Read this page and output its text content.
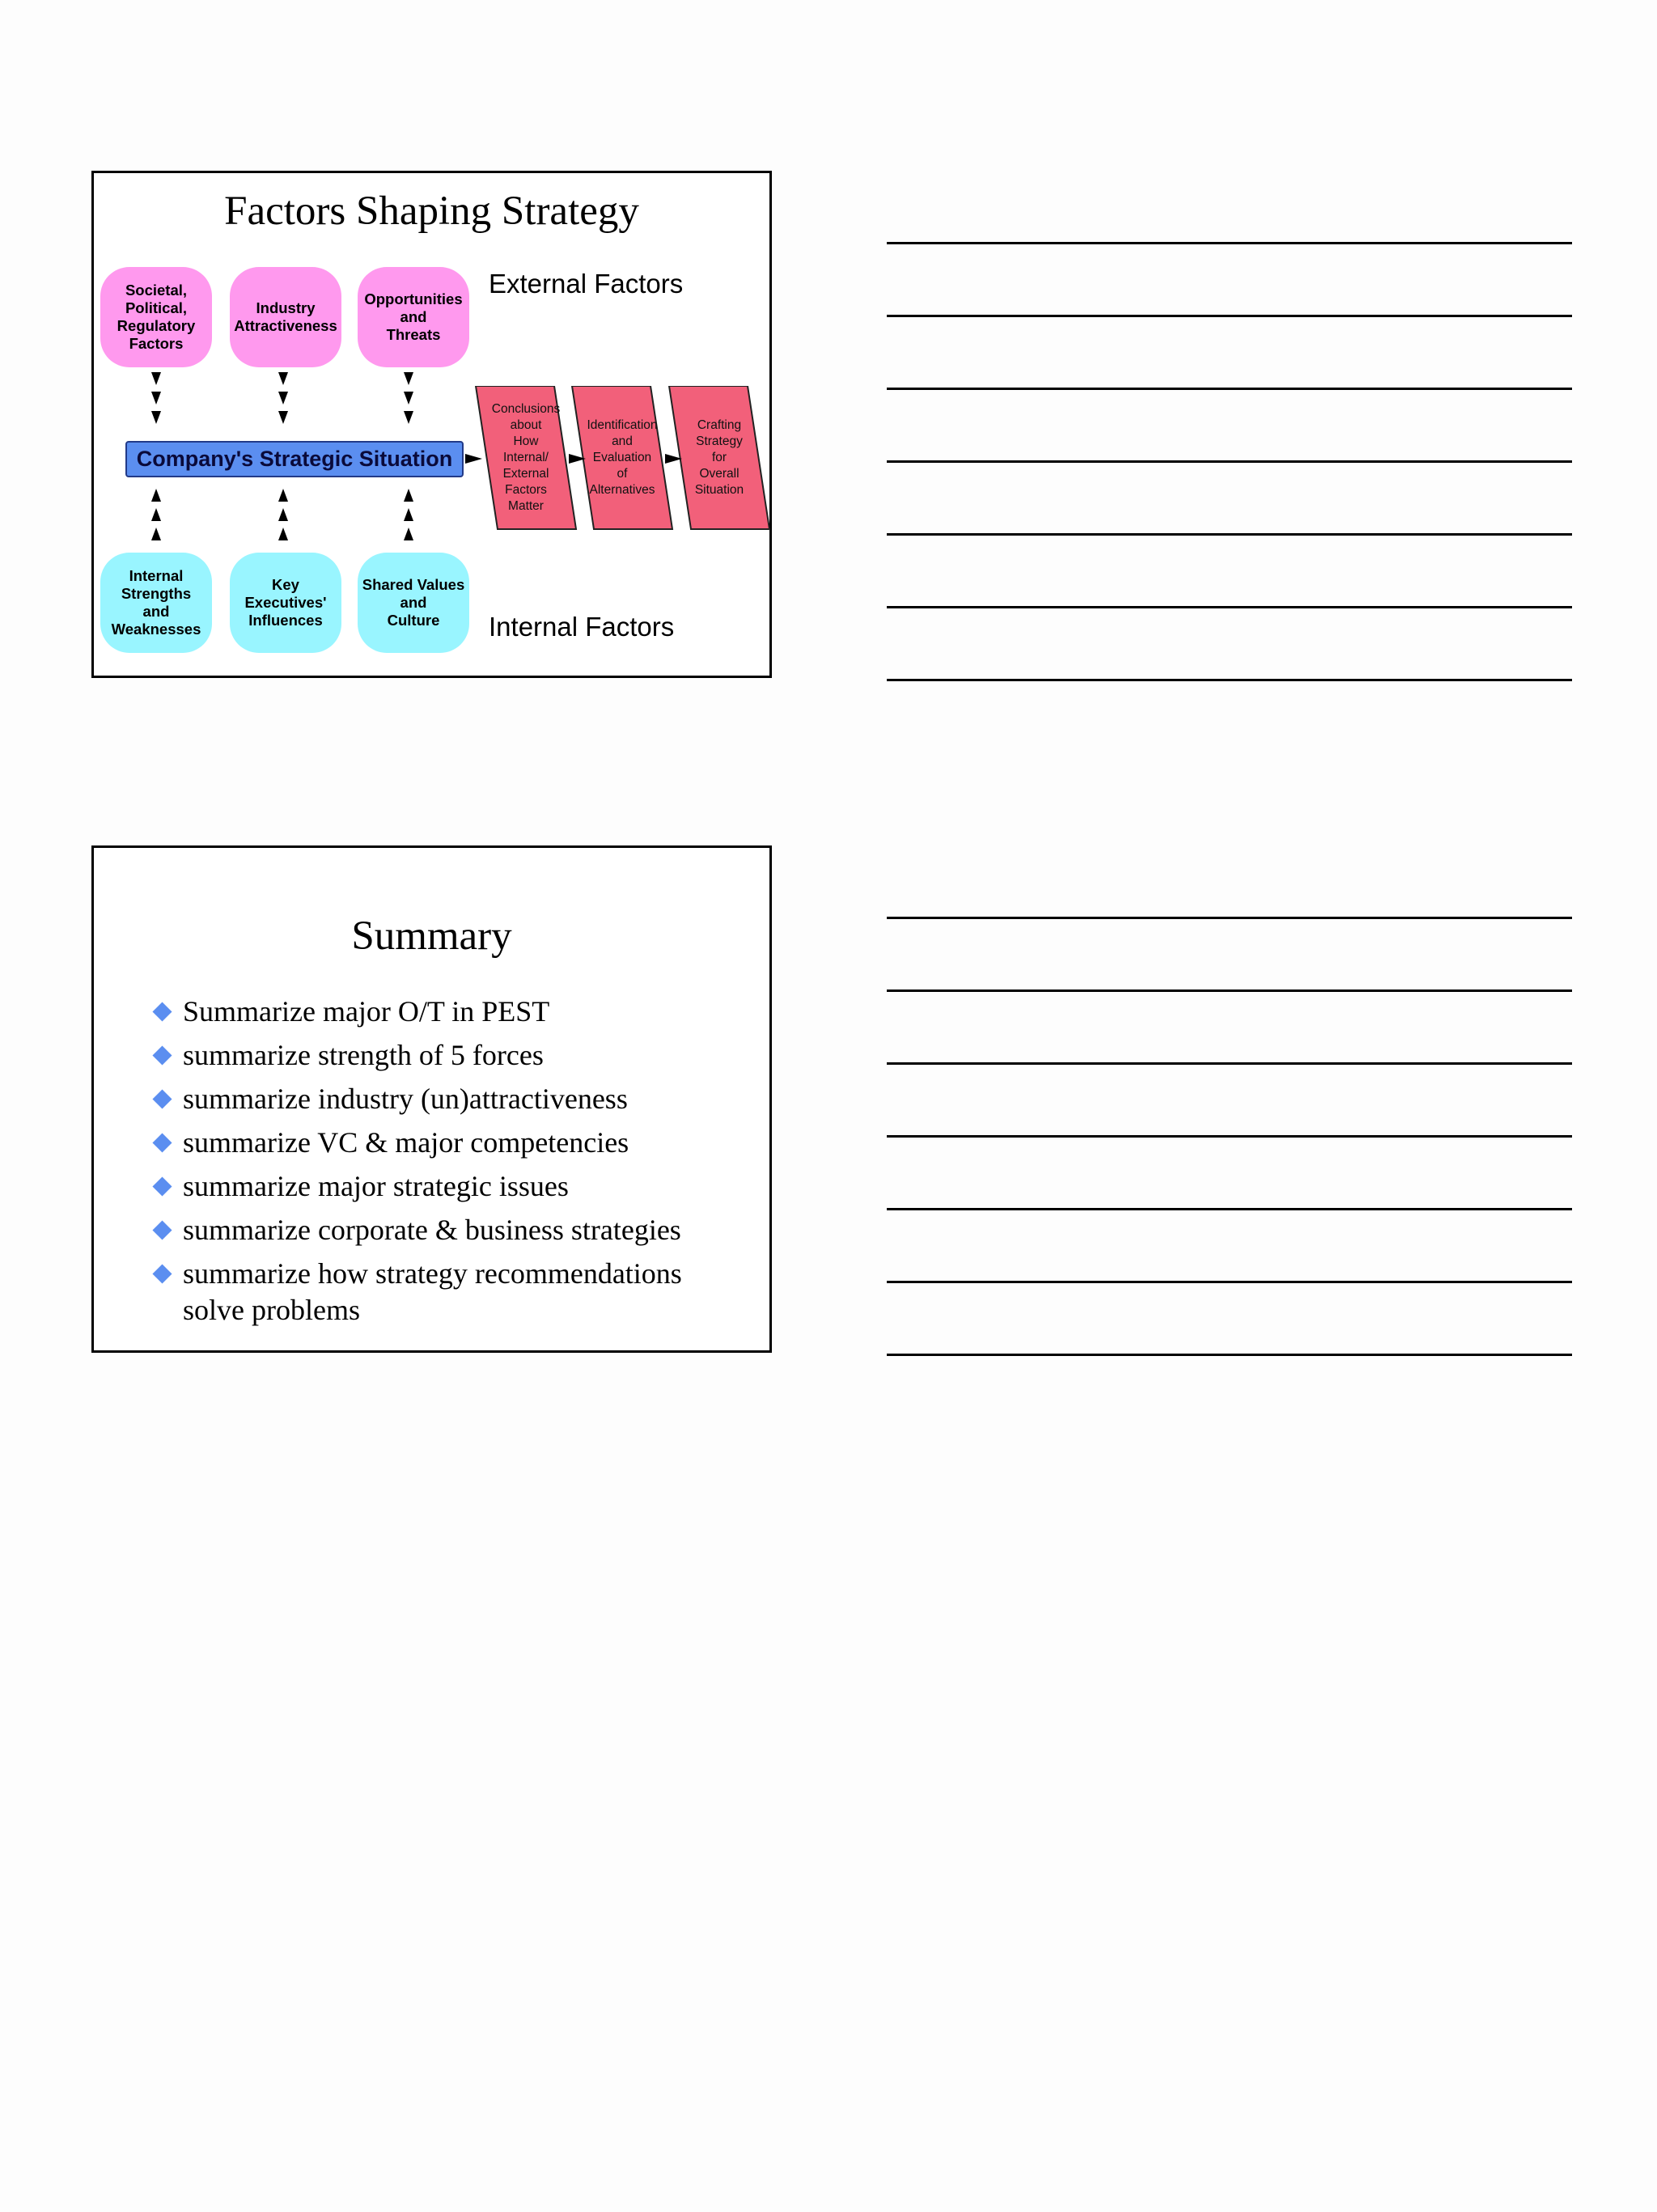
Factors Shaping Strategy
Societal,
Political,
Regulatory
Factors
Industry
Attractiveness
Opportunities
and
Threats
External Factors
Company's Strategic Situation
Conclusions
about
How
Internal/
External
Factors
Matter
Identification
and
Evaluation
of
Alternatives
Crafting
Strategy
for
Overall
Situation
Internal
Strengths
and
Weaknesses
Key
Executives'
Influences
Shared Values
and
Culture	Internal Factors
Summary
Summarize major O/T in PEST
summarize strength of 5 forces
summarize industry (un)attractiveness
summarize VC & major competencies
summarize major strategic issues
summarize corporate & business strategies
summarize how strategy recommendations solve problems
